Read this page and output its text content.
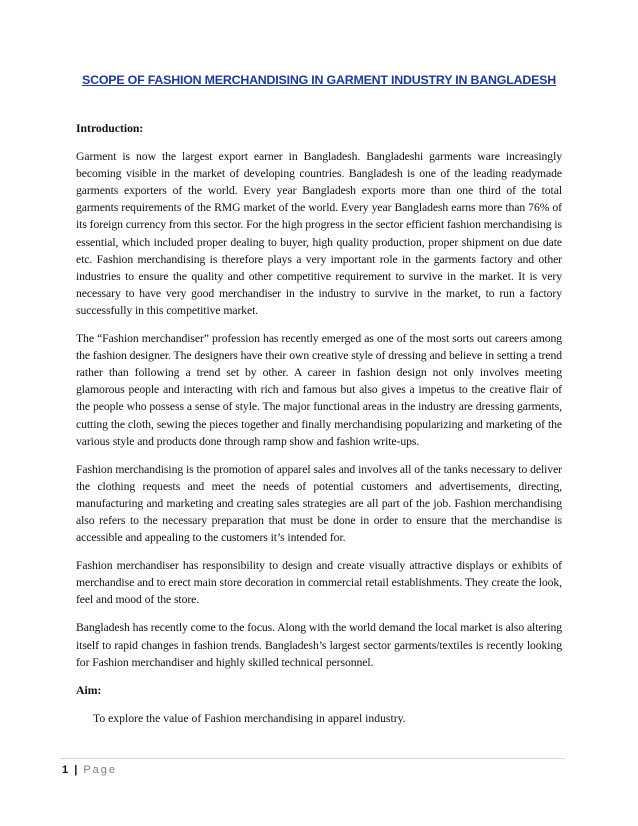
SCOPE OF FASHION MERCHANDISING IN GARMENT INDUSTRY IN BANGLADESH

Introduction:

Garment is now the largest export earner in Bangladesh. Bangladeshi garments ware increasingly becoming visible in the market of developing countries. Bangladesh is one of the leading readymade garments exporters of the world. Every year Bangladesh exports more than one third of the total garments requirements of the RMG market of the world. Every year Bangladesh earns more than 76% of its foreign currency from this sector. For the high progress in the sector efficient fashion merchandising is essential, which included proper dealing to buyer, high quality production, proper shipment on due date etc. Fashion merchandising is therefore plays a very important role in the garments factory and other industries to ensure the quality and other competitive requirement to survive in the market. It is very necessary to have very good merchandiser in the industry to survive in the market, to run a factory successfully in this competitive market.

The “Fashion merchandiser” profession has recently emerged as one of the most sorts out careers among the fashion designer. The designers have their own creative style of dressing and believe in setting a trend rather than following a trend set by other. A career in fashion design not only involves meeting glamorous people and interacting with rich and famous but also gives a impetus to the creative flair of the people who possess a sense of style. The major functional areas in the industry are dressing garments, cutting the cloth, sewing the pieces together and finally merchandising popularizing and marketing of the various style and products done through ramp show and fashion write-ups.

Fashion merchandising is the promotion of apparel sales and involves all of the tanks necessary to deliver the clothing requests and meet the needs of potential customers and advertisements, directing, manufacturing and marketing and creating sales strategies are all part of the job. Fashion merchandising also refers to the necessary preparation that must be done in order to ensure that the merchandise is accessible and appealing to the customers it’s intended for.

Fashion merchandiser has responsibility to design and create visually attractive displays or exhibits of merchandise and to erect main store decoration in commercial retail establishments. They create the look, feel and mood of the store.

Bangladesh has recently come to the focus. Along with the world demand the local market is also altering itself to rapid changes in fashion trends. Bangladesh’s largest sector garments/textiles is recently looking for Fashion merchandiser and highly skilled technical personnel.

Aim:

To explore the value of Fashion merchandising in apparel industry.

1 | Page
